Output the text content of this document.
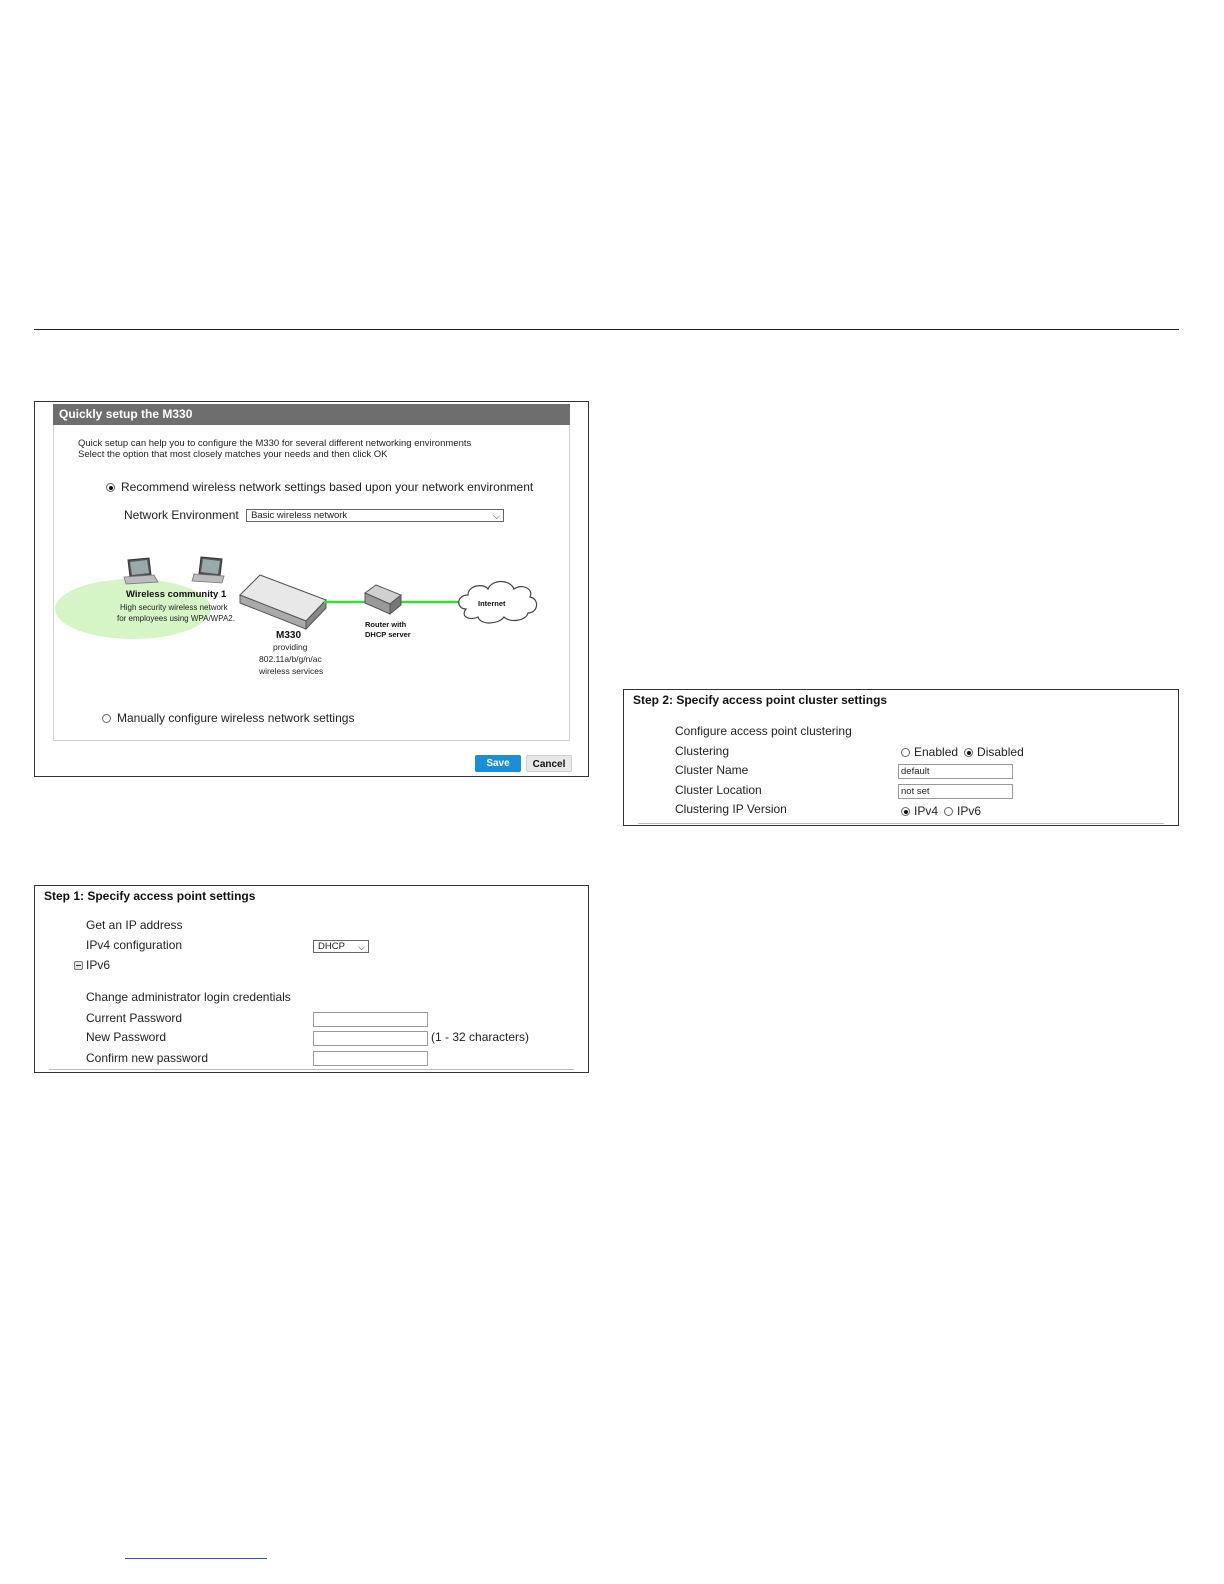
Quickly setup the M330
Quick setup can help you to configure the M330 for several different networking environments
Select the option that most closely matches your needs and then click OK
Recommend wireless network settings based upon your network environment
Network Environment Basic wireless network	⌵
Wireless community 1
High security wireless network
for employees using WPA/WPA2.
M330
providing
802.11a/b/g/n/ac
wireless services
Router with
DHCP server
Internet
Manually configure wireless network settings
Save	Cancel
Step 1: Specify access point settings
Get an IP address
IPv4 configuration	DHCP ⌵
IPv6
Change administrator login credentials
Current Password
New Password	(1 - 32 characters)
Confirm new password
Step 2: Specify access point cluster settings
Configure access point clustering
Clustering	Enabled Disabled
Cluster Name	default
Cluster Location	not set
Clustering IP Version	IPv4 IPv6
